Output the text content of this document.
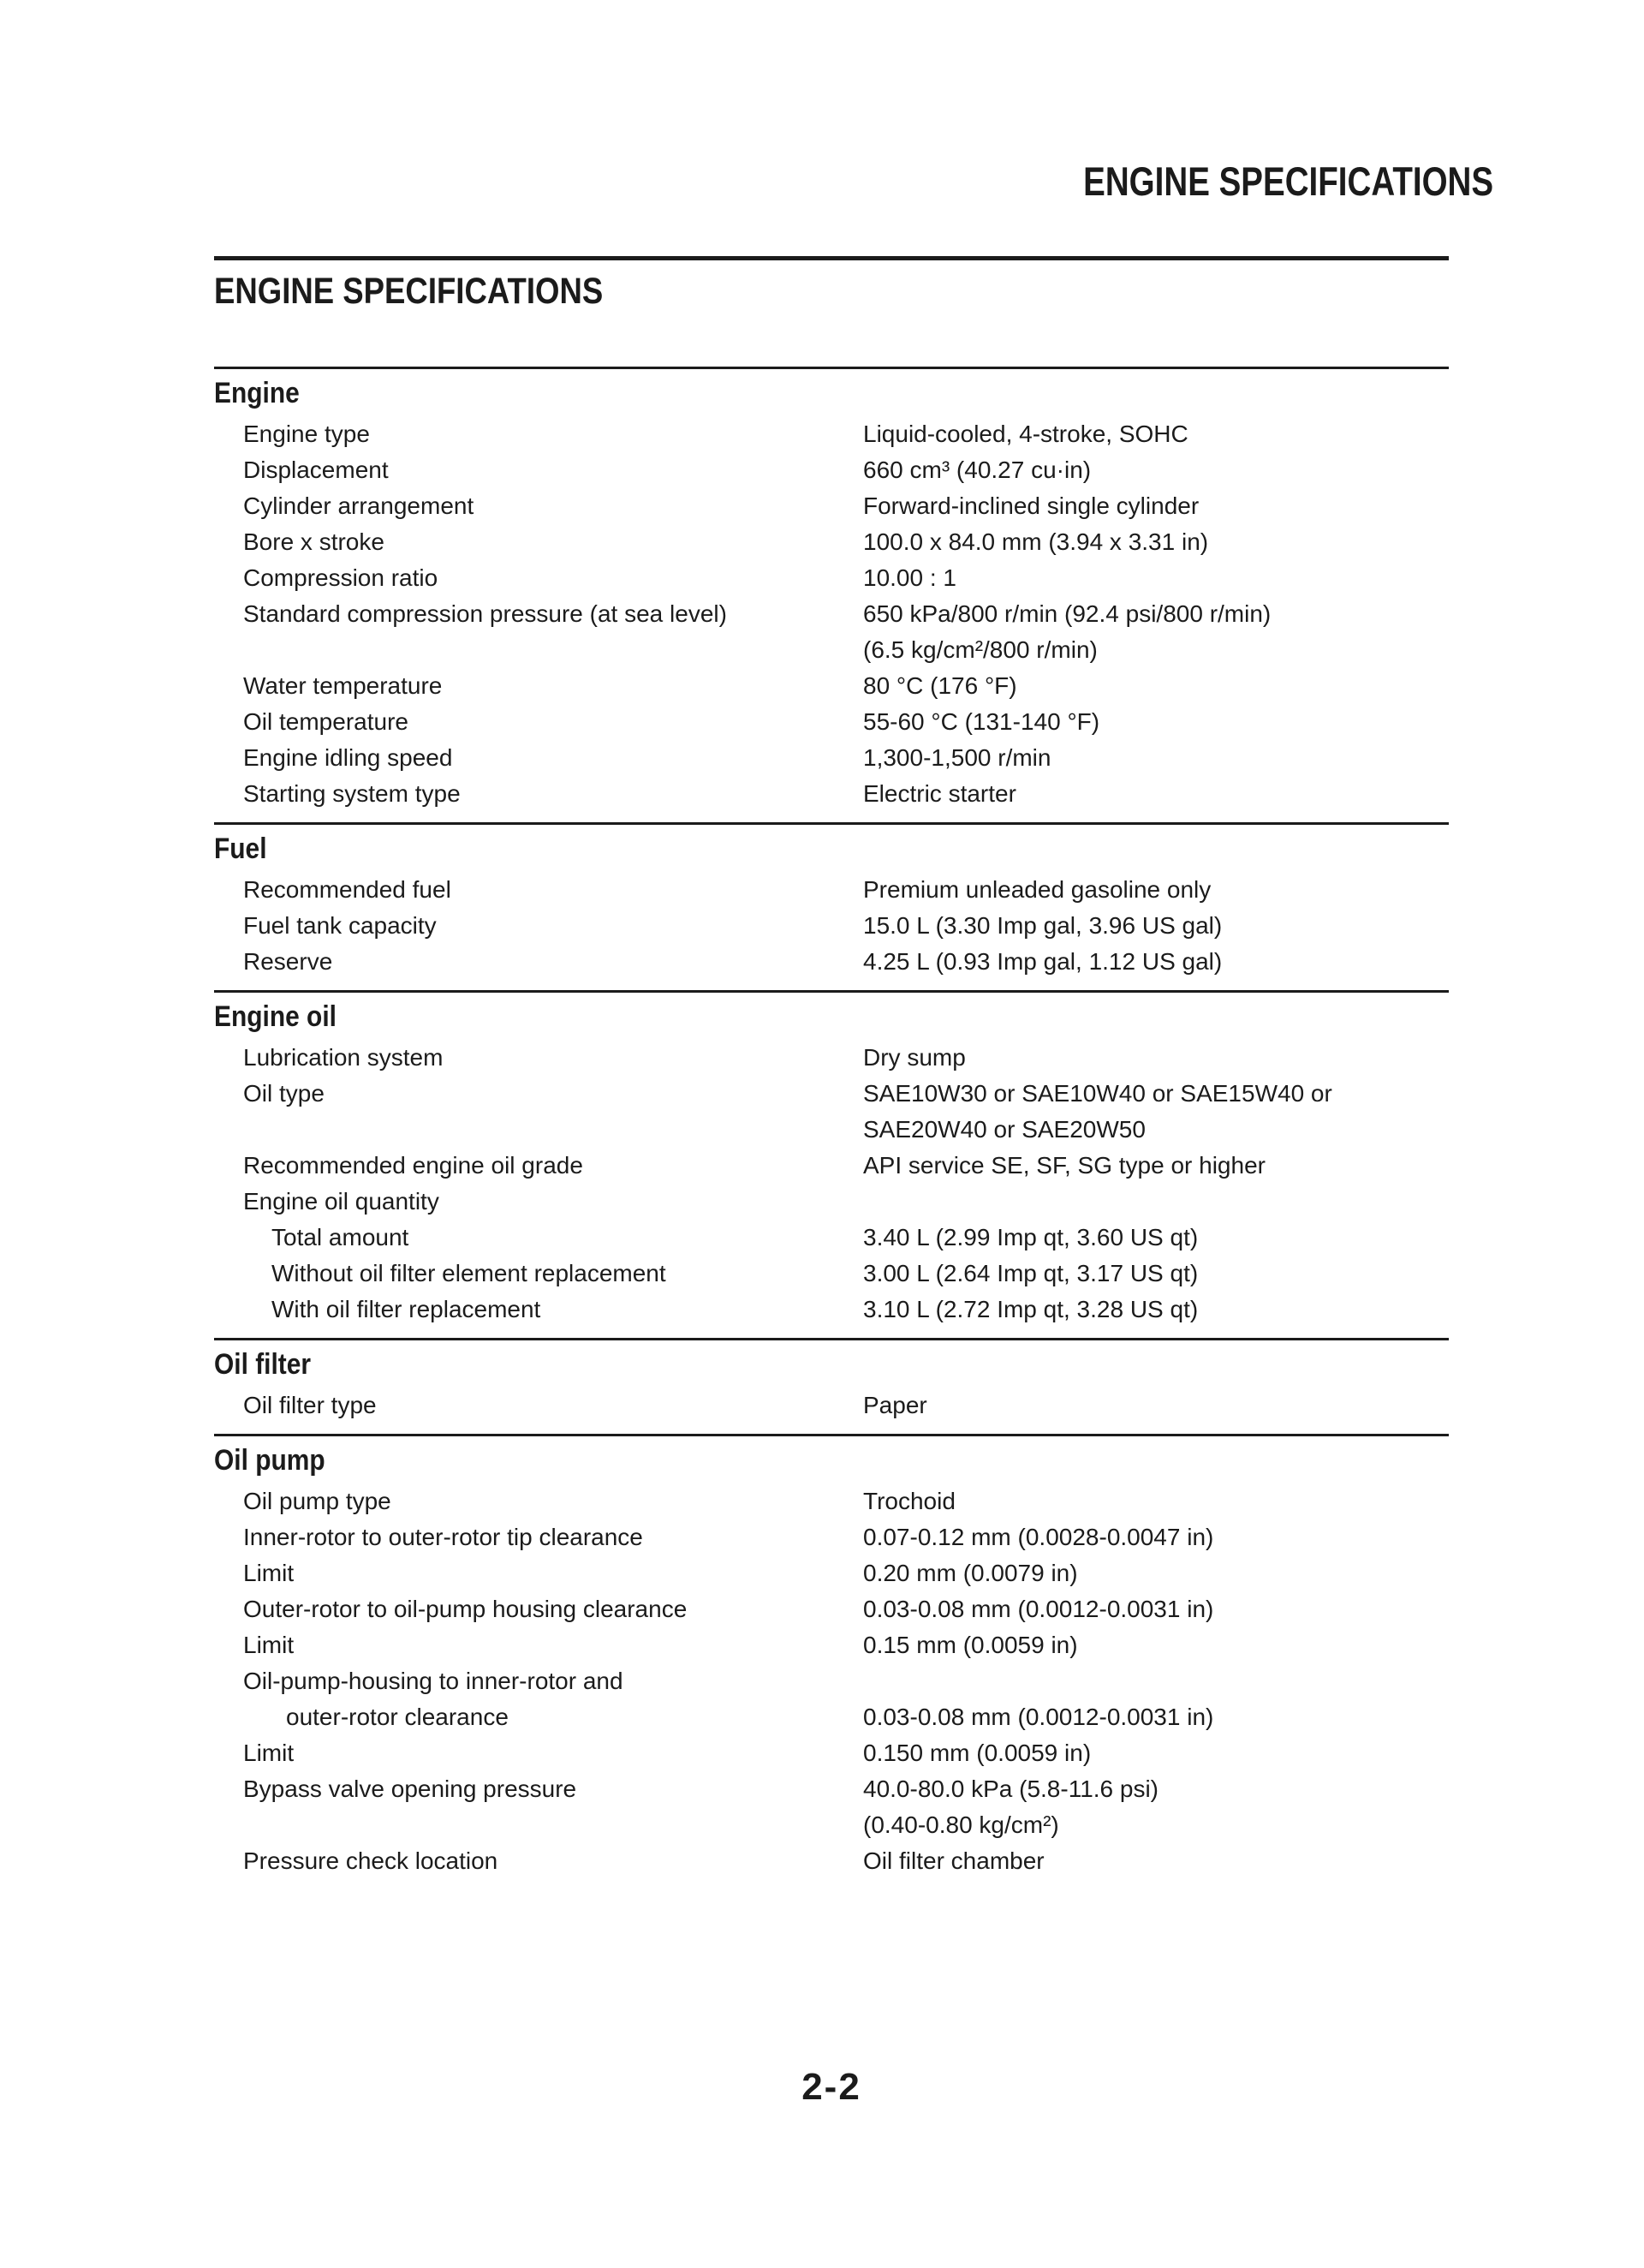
ENGINE SPECIFICATIONS
ENGINE SPECIFICATIONS
Engine
Engine type	Liquid-cooled, 4-stroke, SOHC
Displacement	660 cm³ (40.27 cu·in)
Cylinder arrangement	Forward-inclined single cylinder
Bore x stroke	100.0 x 84.0 mm (3.94 x 3.31 in)
Compression ratio	10.00 : 1
Standard compression pressure (at sea level)	650 kPa/800 r/min (92.4 psi/800 r/min)
(6.5 kg/cm²/800 r/min)
Water temperature	80 °C (176 °F)
Oil temperature	55-60 °C (131-140 °F)
Engine idling speed	1,300-1,500 r/min
Starting system type	Electric starter
Fuel
Recommended fuel	Premium unleaded gasoline only
Fuel tank capacity	15.0 L (3.30 Imp gal, 3.96 US gal)
Reserve	4.25 L (0.93 Imp gal, 1.12 US gal)
Engine oil
Lubrication system	Dry sump
Oil type	SAE10W30 or SAE10W40 or SAE15W40 or
SAE20W40 or SAE20W50
Recommended engine oil grade	API service SE, SF, SG type or higher
Engine oil quantity
Total amount	3.40 L (2.99 Imp qt, 3.60 US qt)
Without oil filter element replacement	3.00 L (2.64 Imp qt, 3.17 US qt)
With oil filter replacement	3.10 L (2.72 Imp qt, 3.28 US qt)
Oil filter
Oil filter type	Paper
Oil pump
Oil pump type	Trochoid
Inner-rotor to outer-rotor tip clearance	0.07-0.12 mm (0.0028-0.0047 in)
Limit	0.20 mm (0.0079 in)
Outer-rotor to oil-pump housing clearance	0.03-0.08 mm (0.0012-0.0031 in)
Limit	0.15 mm (0.0059 in)
Oil-pump-housing to inner-rotor and
outer-rotor clearance	0.03-0.08 mm (0.0012-0.0031 in)
Limit	0.150 mm (0.0059 in)
Bypass valve opening pressure	40.0-80.0 kPa (5.8-11.6 psi)
(0.40-0.80 kg/cm²)
Pressure check location	Oil filter chamber
2-2
